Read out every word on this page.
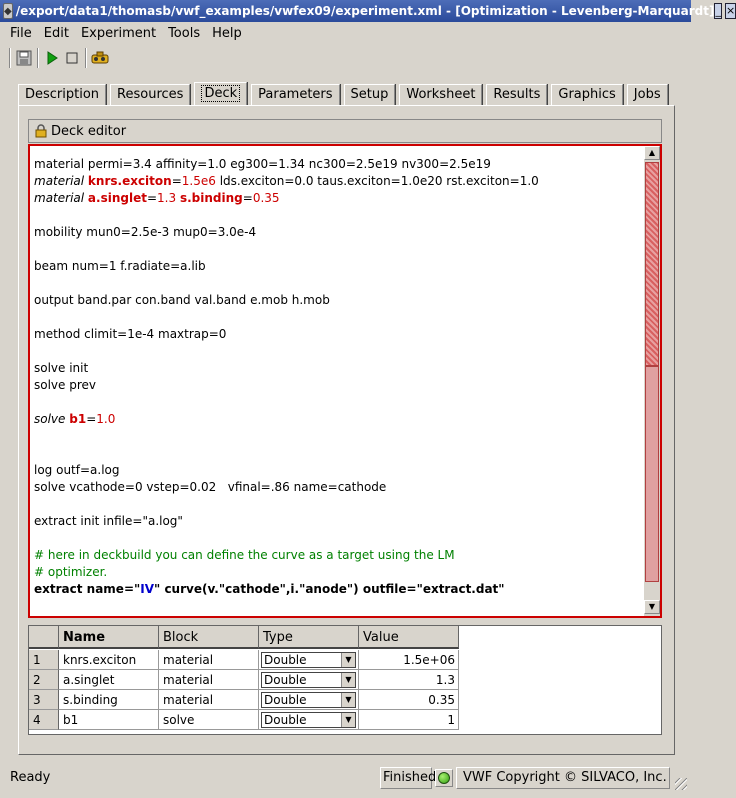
◆ /export/data1/thomasb/vwf_examples/vwfex09/experiment.xml - [Optimization - Levenberg-Marquardt] _ ×
File Edit Experiment Tools Help
Description	Resources	Deck	Parameters	Setup	Worksheet	Results	Graphics	Jobs
Deck editor
material permi=3.4 affinity=1.0 eg300=1.34 nc300=2.5e19 nv300=2.5e19
material knrs.exciton=1.5e6 lds.exciton=0.0 taus.exciton=1.0e20 rst.exciton=1.0
material a.singlet=1.3 s.binding=0.35
mobility mun0=2.5e-3 mup0=3.0e-4
beam num=1 f.radiate=a.lib
output band.par con.band val.band e.mob h.mob
method climit=1e-4 maxtrap=0
solve init
solve prev
solve b1=1.0
log outf=a.log
solve vcathode=0 vstep=0.02   vfinal=.86 name=cathode
extract init infile="a.log"
# here in deckbuild you can define the curve as a target using the LM
# optimizer.
extract name="IV" curve(v."cathode",i."anode") outfile="extract.dat"
▲
▼
Name	Block	Type	Value
1	knrs.exciton	material	Double	▼	1.5e+06
2	a.singlet	material	Double	▼	1.3
3	s.binding	material	Double	▼	0.35
4	b1	solve	Double	▼	1
Ready	Finished	VWF Copyright © SILVACO, Inc.
